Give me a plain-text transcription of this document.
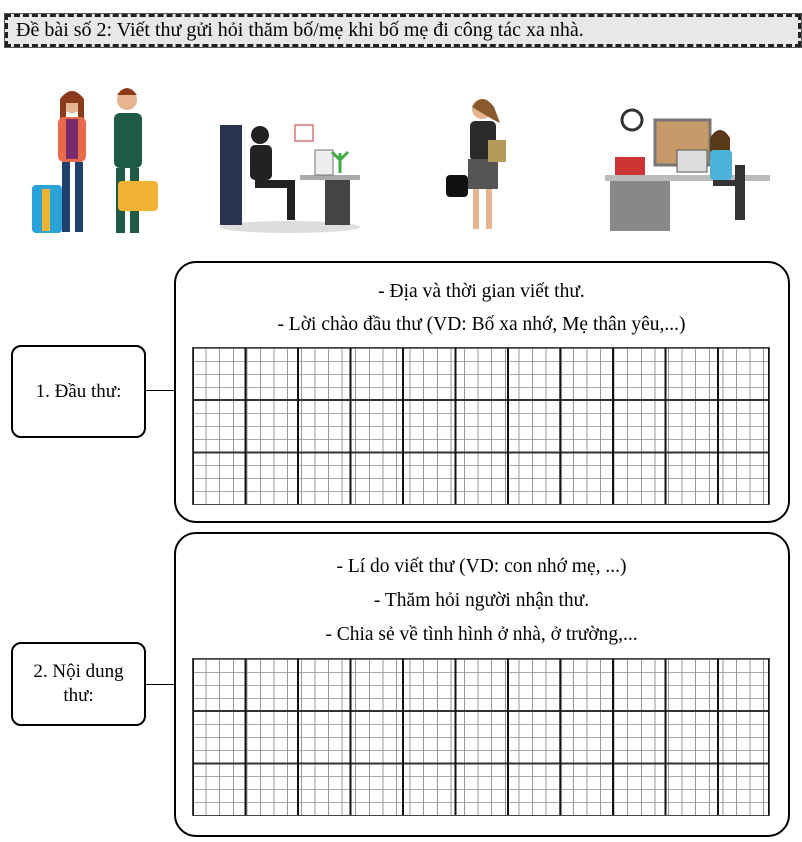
Đề bài số 2: Viết thư gửi hỏi thăm bố/mẹ khi bố mẹ đi công tác xa nhà.
1. Đầu thư:
- Địa và thời gian viết thư.
- Lời chào đầu thư (VD: Bố xa nhớ, Mẹ thân yêu,...)
2. Nội dung
thư:
- Lí do viết thư (VD: con nhớ mẹ, ...)
- Thăm hỏi người nhận thư.
- Chia sẻ về tình hình ở nhà, ở trường,...
